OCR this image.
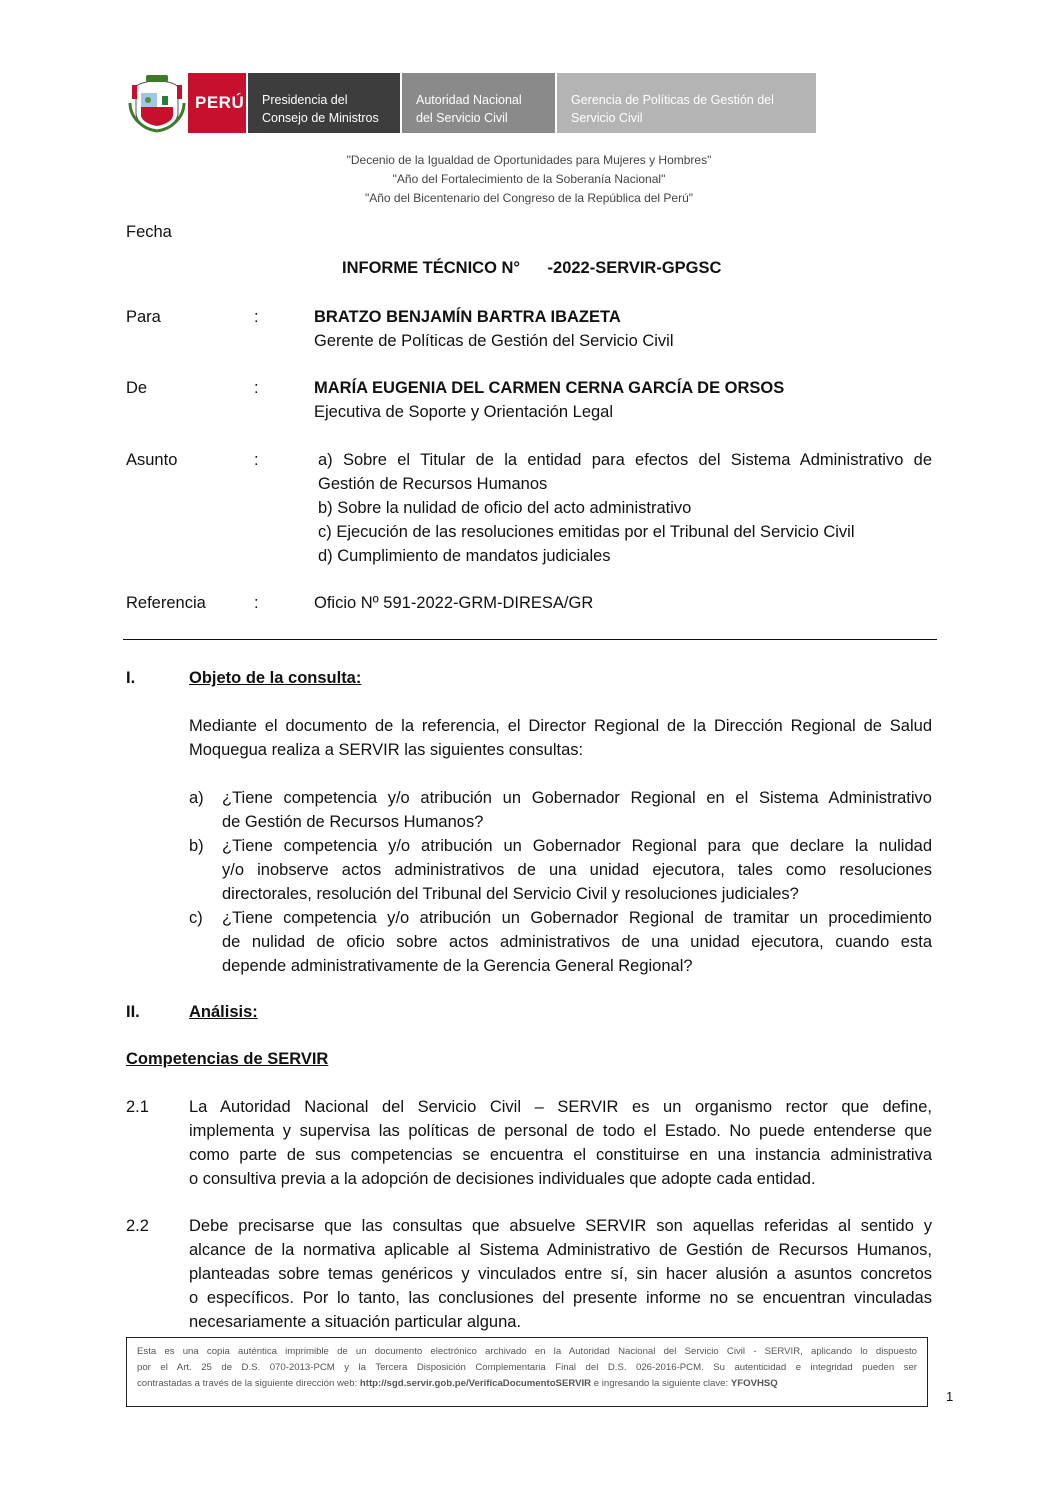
PERÚ Presidencia del
Consejo de Ministros
Autoridad Nacional
del Servicio Civil
Gerencia de Políticas de Gestión del
Servicio Civil
"Decenio de la Igualdad de Oportunidades para Mujeres y Hombres"
"Año del Fortalecimiento de la Soberanía Nacional"
"Año del Bicentenario del Congreso de la República del Perú"
Fecha
INFORME TÉCNICO N°      -2022-SERVIR-GPGSC
Para	:	BRATZO BENJAMÍN BARTRA IBAZETA
Gerente de Políticas de Gestión del Servicio Civil
De	:	MARÍA EUGENIA DEL CARMEN CERNA GARCÍA DE ORSOS
Ejecutiva de Soporte y Orientación Legal
Asunto	:	a) Sobre el Titular de la entidad para efectos del Sistema Administrativo de
Gestión de Recursos Humanos
b) Sobre la nulidad de oficio del acto administrativo
c) Ejecución de las resoluciones emitidas por el Tribunal del Servicio Civil
d) Cumplimiento de mandatos judiciales
Referencia	:	Oficio Nº 591-2022-GRM-DIRESA/GR
I.	Objeto de la consulta:
Mediante el documento de la referencia, el Director Regional de la Dirección Regional de Salud
Moquegua realiza a SERVIR las siguientes consultas:
a) ¿Tiene competencia y/o atribución un Gobernador Regional en el Sistema Administrativo
de Gestión de Recursos Humanos?
b) ¿Tiene competencia y/o atribución un Gobernador Regional para que declare la nulidad
y/o inobserve actos administrativos de una unidad ejecutora, tales como resoluciones
directorales, resolución del Tribunal del Servicio Civil y resoluciones judiciales?
c) ¿Tiene competencia y/o atribución un Gobernador Regional de tramitar un procedimiento
de nulidad de oficio sobre actos administrativos de una unidad ejecutora, cuando esta
depende administrativamente de la Gerencia General Regional?
II.	Análisis:
Competencias de SERVIR
2.1 La Autoridad Nacional del Servicio Civil – SERVIR es un organismo rector que define,
implementa y supervisa las políticas de personal de todo el Estado. No puede entenderse que
como parte de sus competencias se encuentra el constituirse en una instancia administrativa
o consultiva previa a la adopción de decisiones individuales que adopte cada entidad.
2.2 Debe precisarse que las consultas que absuelve SERVIR son aquellas referidas al sentido y
alcance de la normativa aplicable al Sistema Administrativo de Gestión de Recursos Humanos,
planteadas sobre temas genéricos y vinculados entre sí, sin hacer alusión a asuntos concretos
o específicos. Por lo tanto, las conclusiones del presente informe no se encuentran vinculadas
necesariamente a situación particular alguna.
Esta es una copia auténtica imprimible de un documento electrónico archivado en la Autoridad Nacional del Servicio Civil - SERVIR, aplicando lo dispuesto
por el Art. 25 de D.S. 070-2013-PCM y la Tercera Disposición Complementaria Final del D.S. 026-2016-PCM. Su autenticidad e integridad pueden ser
contrastadas a través de la siguiente dirección web: http://sgd.servir.gob.pe/VerificaDocumentoSERVIR e ingresando la siguiente clave: YFOVHSQ
1
